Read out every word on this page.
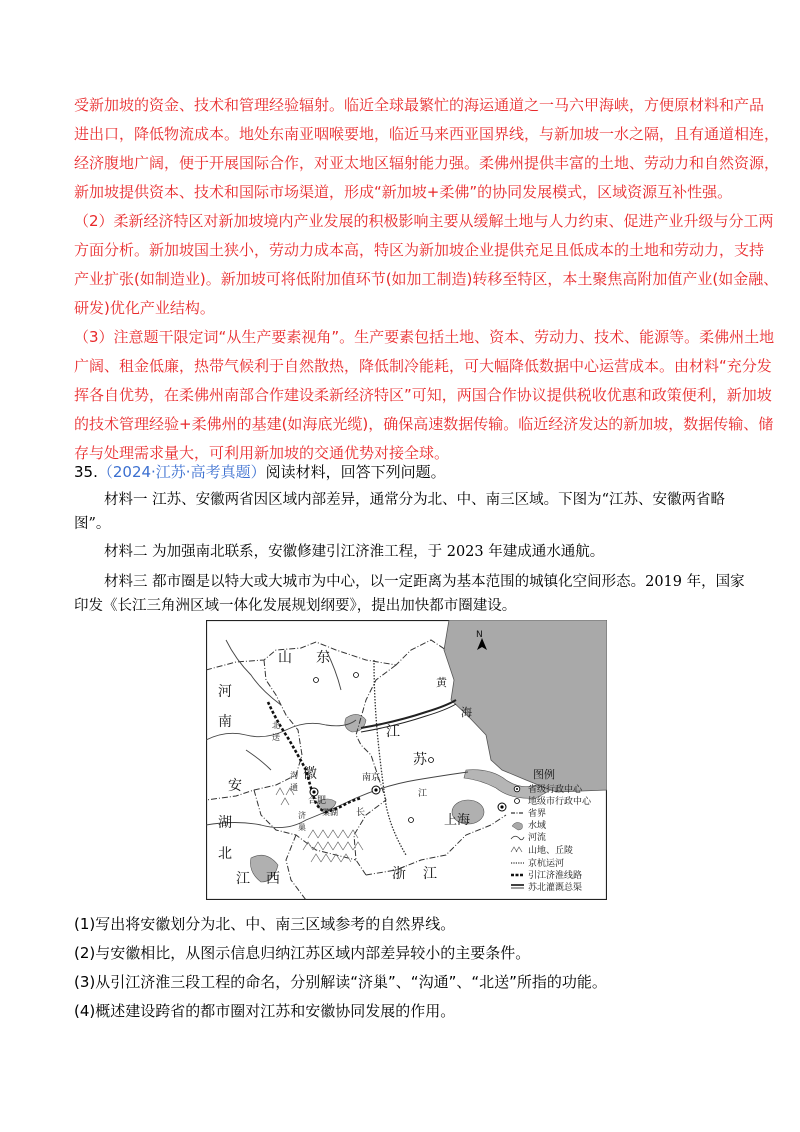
受新加坡的资金、技术和管理经验辐射。临近全球最繁忙的海运通道之一马六甲海峡，方便原材料和产品
进出口，降低物流成本。地处东南亚咽喉要地，临近马来西亚国界线，与新加坡一水之隔，且有通道相连，
经济腹地广阔，便于开展国际合作，对亚太地区辐射能力强。柔佛州提供丰富的土地、劳动力和自然资源，
新加坡提供资本、技术和国际市场渠道，形成“新加坡+柔佛”的协同发展模式，区域资源互补性强。
（2）柔新经济特区对新加坡境内产业发展的积极影响主要从缓解土地与人力约束、促进产业升级与分工两
方面分析。新加坡国土狭小，劳动力成本高，特区为新加坡企业提供充足且低成本的土地和劳动力，支持
产业扩张(如制造业)。新加坡可将低附加值环节(如加工制造)转移至特区，本土聚焦高附加值产业(如金融、
研发)优化产业结构。
（3）注意题干限定词“从生产要素视角”。生产要素包括土地、资本、劳动力、技术、能源等。柔佛州土地
广阔、租金低廉，热带气候利于自然散热，降低制冷能耗，可大幅降低数据中心运营成本。由材料“充分发
挥各自优势，在柔佛州南部合作建设柔新经济特区”可知，两国合作协议提供税收优惠和政策便利，新加坡
的技术管理经验+柔佛州的基建(如海底光缆)，确保高速数据传输。临近经济发达的新加坡，数据传输、储
存与处理需求量大，可利用新加坡的交通优势对接全球。
35.（2024·江苏·高考真题）阅读材料，回答下列问题。
材料一 江苏、安徽两省因区域内部差异，通常分为北、中、南三区域。下图为“江苏、安徽两省略
图”。
材料二 为加强南北联系，安徽修建引江济淮工程，于 2023 年建成通水通航。
材料三 都市圈是以特大或大城市为中心，以一定距离为基本范围的城镇化空间形态。2019 年，国家
印发《长江三角洲区域一体化发展规划纲要》，提出加快都市圈建设。
N
山 东
河
南
安
徽
江
苏
湖
北
江 西	浙 江
黄
海
合肥
南京
上海
巢湖
北
送
沟
通
济
巢
长
江
图例
省级行政中心
地级市行政中心
省界
水域
河流
山地、丘陵
京杭运河
引江济淮线路
苏北灌溉总渠
(1)写出将安徽划分为北、中、南三区域参考的自然界线。
(2)与安徽相比，从图示信息归纳江苏区域内部差异较小的主要条件。
(3)从引江济淮三段工程的命名，分别解读“济巢”、“沟通”、“北送”所指的功能。
(4)概述建设跨省的都市圈对江苏和安徽协同发展的作用。
